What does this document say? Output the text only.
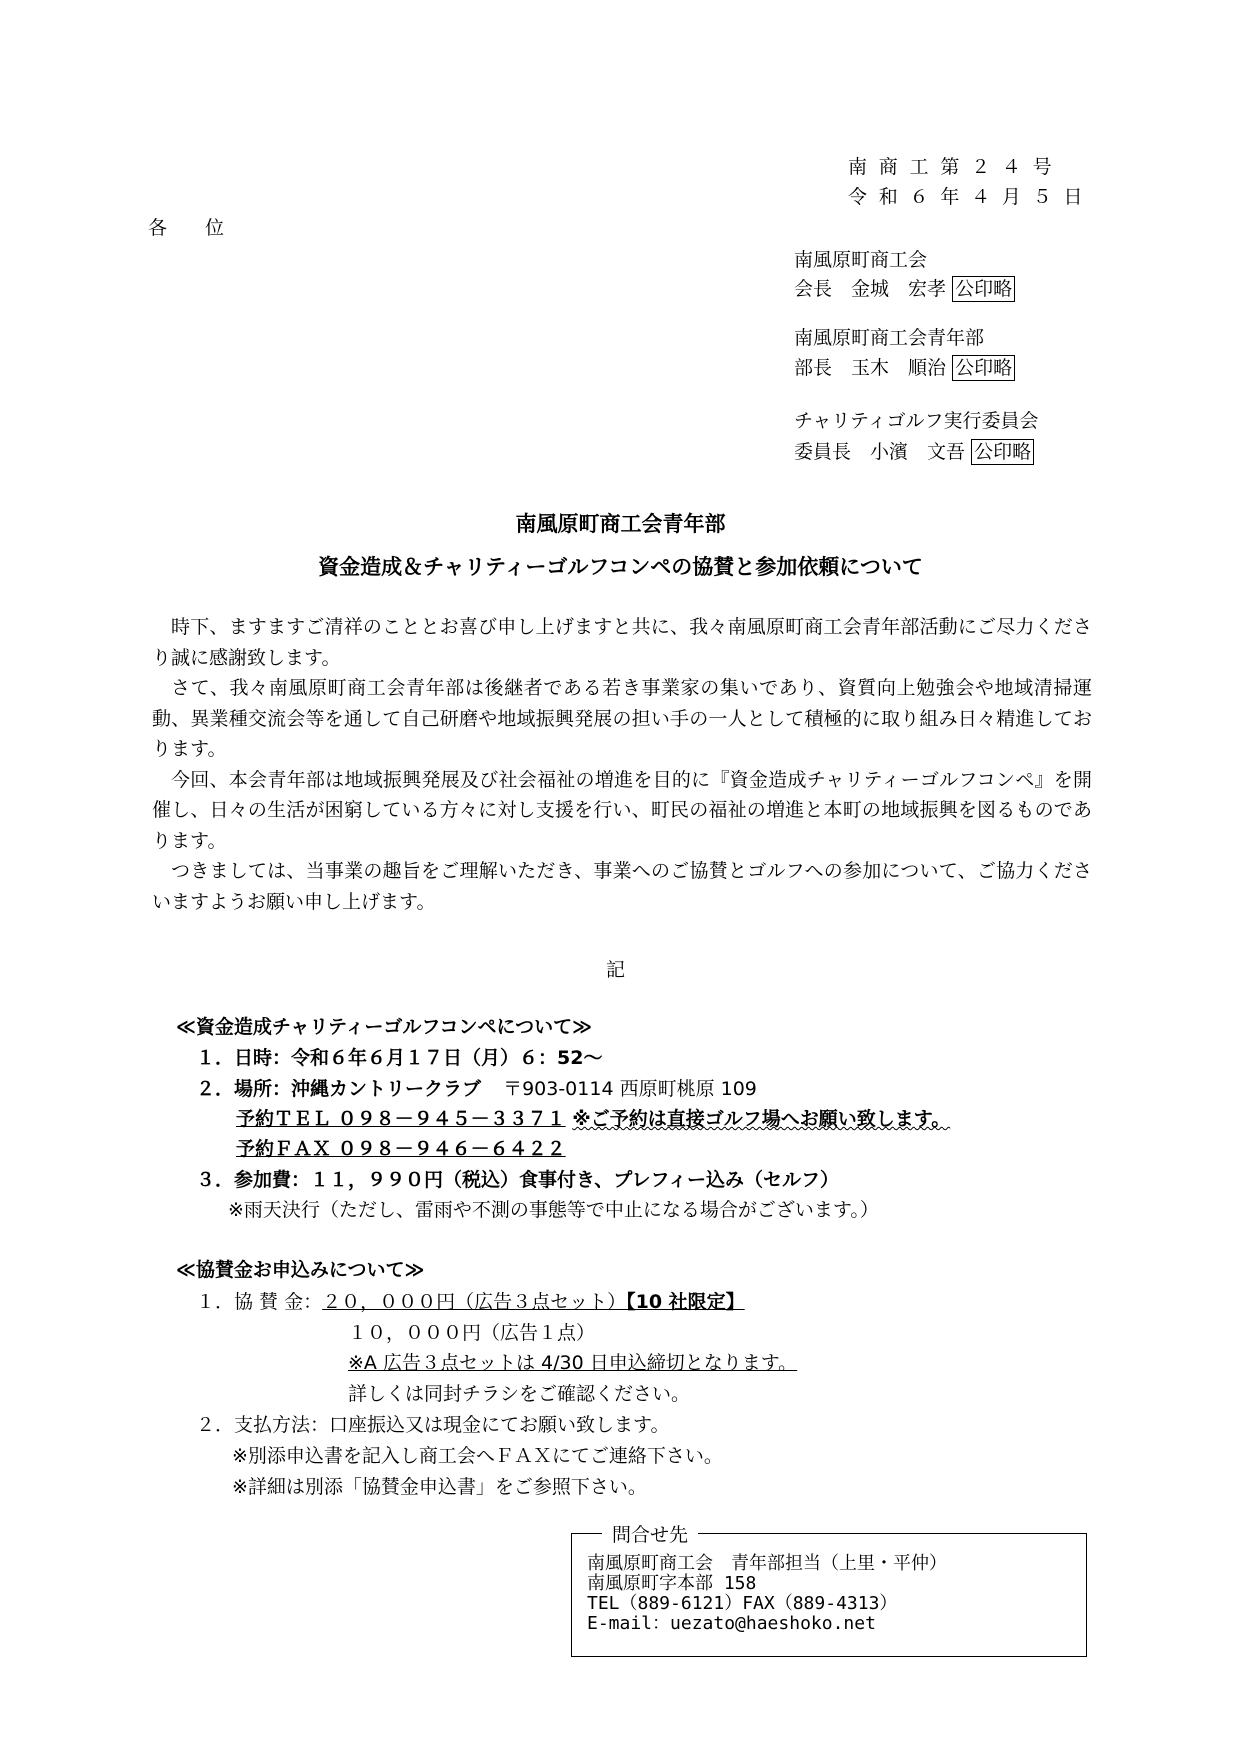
南商工第２４号
令和６年４月５日
各　　位
南風原町商工会
会長　金城　宏孝 公印略
南風原町商工会青年部
部長　玉木　順治 公印略
チャリティゴルフ実行委員会
委員長　小濱　文吾 公印略
南風原町商工会青年部
資金造成＆チャリティーゴルフコンペの協賛と参加依頼について

時下、ますますご清祥のこととお喜び申し上げますと共に、我々南風原町商工会青年部活動にご尽力くださり誠に感謝致します。

さて、我々南風原町商工会青年部は後継者である若き事業家の集いであり、資質向上勉強会や地域清掃運動、異業種交流会等を通して自己研磨や地域振興発展の担い手の一人として積極的に取り組み日々精進しております。

今回、本会青年部は地域振興発展及び社会福祉の増進を目的に『資金造成チャリティーゴルフコンペ』を開催し、日々の生活が困窮している方々に対し支援を行い、町民の福祉の増進と本町の地域振興を図るものであります。

つきましては、当事業の趣旨をご理解いただき、事業へのご協賛とゴルフへの参加について、ご協力くださいますようお願い申し上げます。

記
≪資金造成チャリティーゴルフコンペについて≫
１．日時：令和６年６月１７日（月）６：52～
２．場所：沖縄カントリークラブ 〒903-0114 西原町桃原 109
予約ＴＥＬ ０９８－９４５－３３７１ ※ご予約は直接ゴルフ場へお願い致します。
予約ＦＡＸ ０９８－９４６－６４２２
３．参加費：１１，９９０円（税込）食事付き、プレフィー込み（セルフ）
※雨天決行（ただし、雷雨や不測の事態等で中止になる場合がございます。）
≪協賛金お申込みについて≫
１．協 賛 金：２０，０００円（広告３点セット）【10 社限定】
１０，０００円（広告１点）
※A 広告３点セットは 4/30 日申込締切となります。
詳しくは同封チラシをご確認ください。
２．支払方法：口座振込又は現金にてお願い致します。
※別添申込書を記入し商工会へＦＡＸにてご連絡下さい。
※詳細は別添「協賛金申込書」をご参照下さい。
問合せ先
南風原町商工会　青年部担当（上里・平仲）
南風原町字本部 158
TEL（889-6121）FAX（889-4313）
E-mail：uezato@haeshoko.net
